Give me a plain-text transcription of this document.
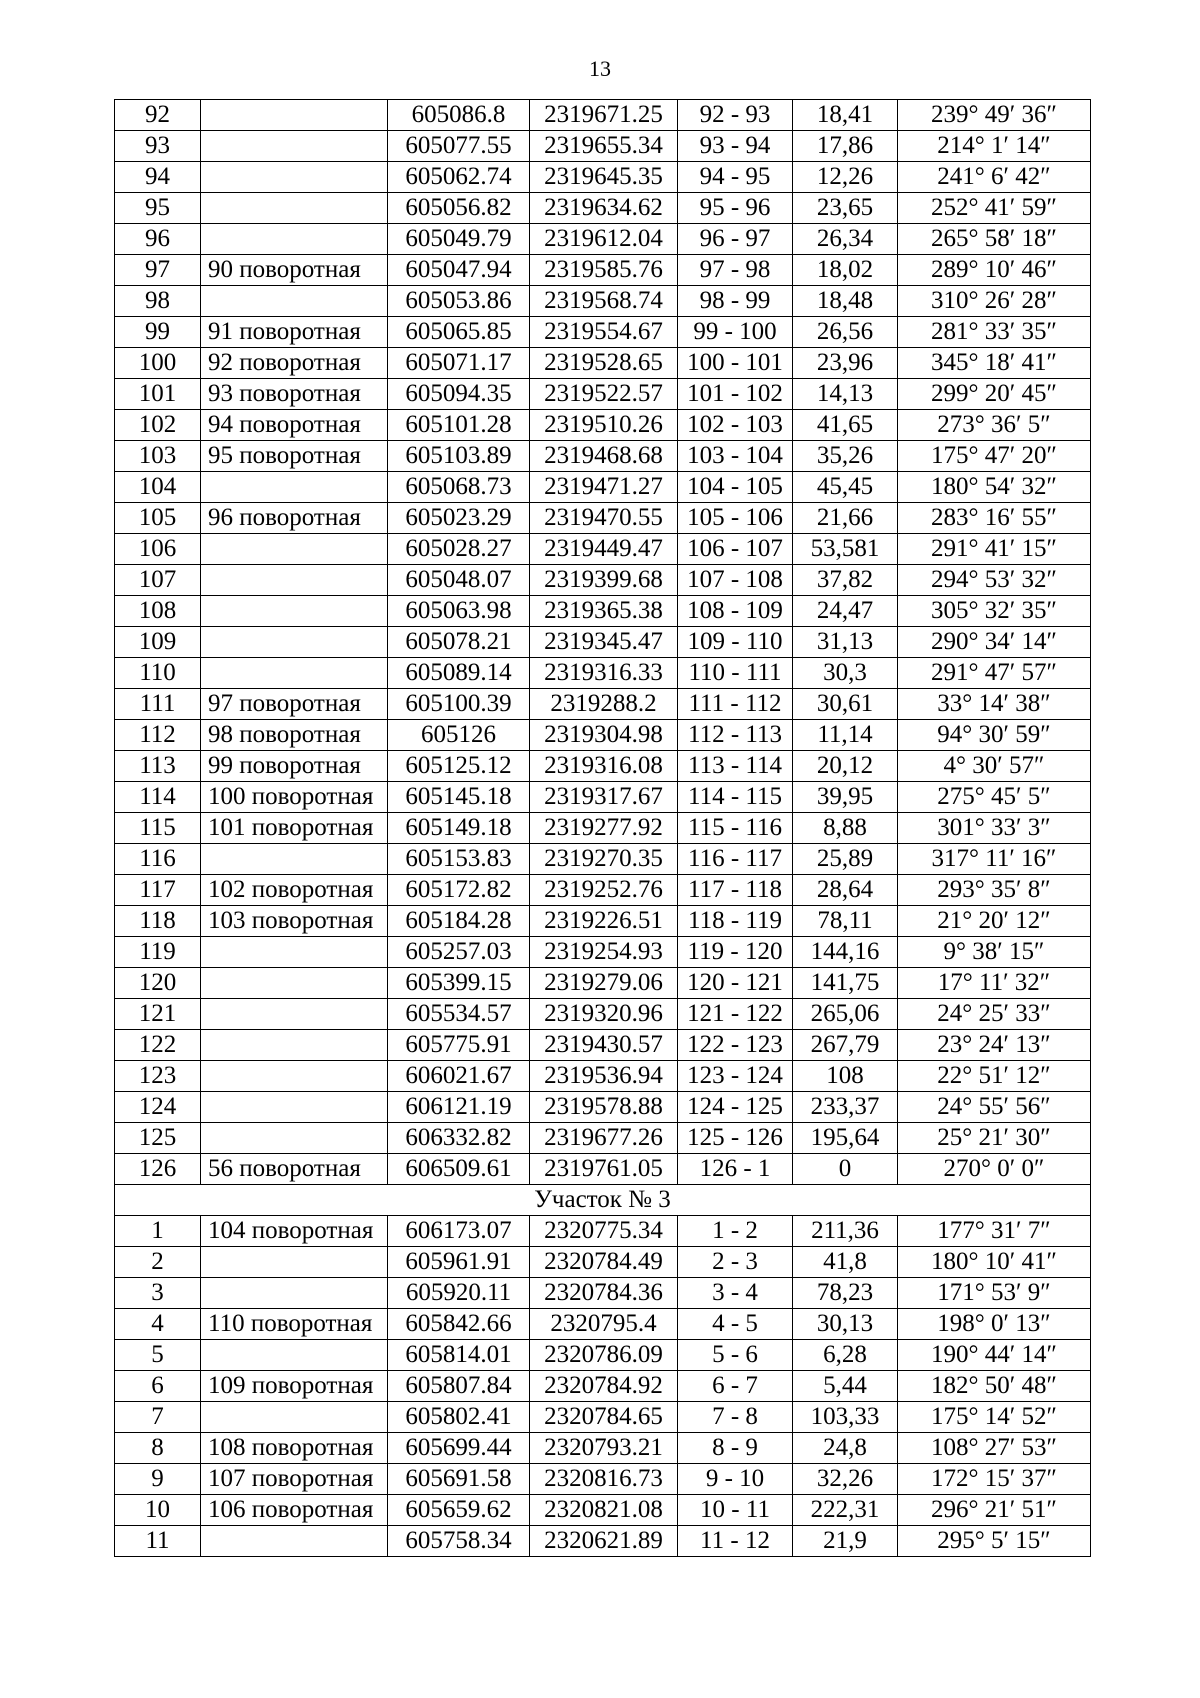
13
92		605086.8	2319671.25	92 - 93	18,41	239° 49′ 36″
93		605077.55	2319655.34	93 - 94	17,86	214° 1′ 14″
94		605062.74	2319645.35	94 - 95	12,26	241° 6′ 42″
95		605056.82	2319634.62	95 - 96	23,65	252° 41′ 59″
96		605049.79	2319612.04	96 - 97	26,34	265° 58′ 18″
97	90 поворотная	605047.94	2319585.76	97 - 98	18,02	289° 10′ 46″
98		605053.86	2319568.74	98 - 99	18,48	310° 26′ 28″
99	91 поворотная	605065.85	2319554.67	99 - 100	26,56	281° 33′ 35″
100	92 поворотная	605071.17	2319528.65	100 - 101	23,96	345° 18′ 41″
101	93 поворотная	605094.35	2319522.57	101 - 102	14,13	299° 20′ 45″
102	94 поворотная	605101.28	2319510.26	102 - 103	41,65	273° 36′ 5″
103	95 поворотная	605103.89	2319468.68	103 - 104	35,26	175° 47′ 20″
104		605068.73	2319471.27	104 - 105	45,45	180° 54′ 32″
105	96 поворотная	605023.29	2319470.55	105 - 106	21,66	283° 16′ 55″
106		605028.27	2319449.47	106 - 107	53,581	291° 41′ 15″
107		605048.07	2319399.68	107 - 108	37,82	294° 53′ 32″
108		605063.98	2319365.38	108 - 109	24,47	305° 32′ 35″
109		605078.21	2319345.47	109 - 110	31,13	290° 34′ 14″
110		605089.14	2319316.33	110 - 111	30,3	291° 47′ 57″
111	97 поворотная	605100.39	2319288.2	111 - 112	30,61	33° 14′ 38″
112	98 поворотная	605126	2319304.98	112 - 113	11,14	94° 30′ 59″
113	99 поворотная	605125.12	2319316.08	113 - 114	20,12	4° 30′ 57″
114	100 поворотная	605145.18	2319317.67	114 - 115	39,95	275° 45′ 5″
115	101 поворотная	605149.18	2319277.92	115 - 116	8,88	301° 33′ 3″
116		605153.83	2319270.35	116 - 117	25,89	317° 11′ 16″
117	102 поворотная	605172.82	2319252.76	117 - 118	28,64	293° 35′ 8″
118	103 поворотная	605184.28	2319226.51	118 - 119	78,11	21° 20′ 12″
119		605257.03	2319254.93	119 - 120	144,16	9° 38′ 15″
120		605399.15	2319279.06	120 - 121	141,75	17° 11′ 32″
121		605534.57	2319320.96	121 - 122	265,06	24° 25′ 33″
122		605775.91	2319430.57	122 - 123	267,79	23° 24′ 13″
123		606021.67	2319536.94	123 - 124	108	22° 51′ 12″
124		606121.19	2319578.88	124 - 125	233,37	24° 55′ 56″
125		606332.82	2319677.26	125 - 126	195,64	25° 21′ 30″
126	56 поворотная	606509.61	2319761.05	126 - 1	0	270° 0′ 0″
Участок № 3						
1	104 поворотная	606173.07	2320775.34	1 - 2	211,36	177° 31′ 7″
2		605961.91	2320784.49	2 - 3	41,8	180° 10′ 41″
3		605920.11	2320784.36	3 - 4	78,23	171° 53′ 9″
4	110 поворотная	605842.66	2320795.4	4 - 5	30,13	198° 0′ 13″
5		605814.01	2320786.09	5 - 6	6,28	190° 44′ 14″
6	109 поворотная	605807.84	2320784.92	6 - 7	5,44	182° 50′ 48″
7		605802.41	2320784.65	7 - 8	103,33	175° 14′ 52″
8	108 поворотная	605699.44	2320793.21	8 - 9	24,8	108° 27′ 53″
9	107 поворотная	605691.58	2320816.73	9 - 10	32,26	172° 15′ 37″
10	106 поворотная	605659.62	2320821.08	10 - 11	222,31	296° 21′ 51″
11		605758.34	2320621.89	11 - 12	21,9	295° 5′ 15″
